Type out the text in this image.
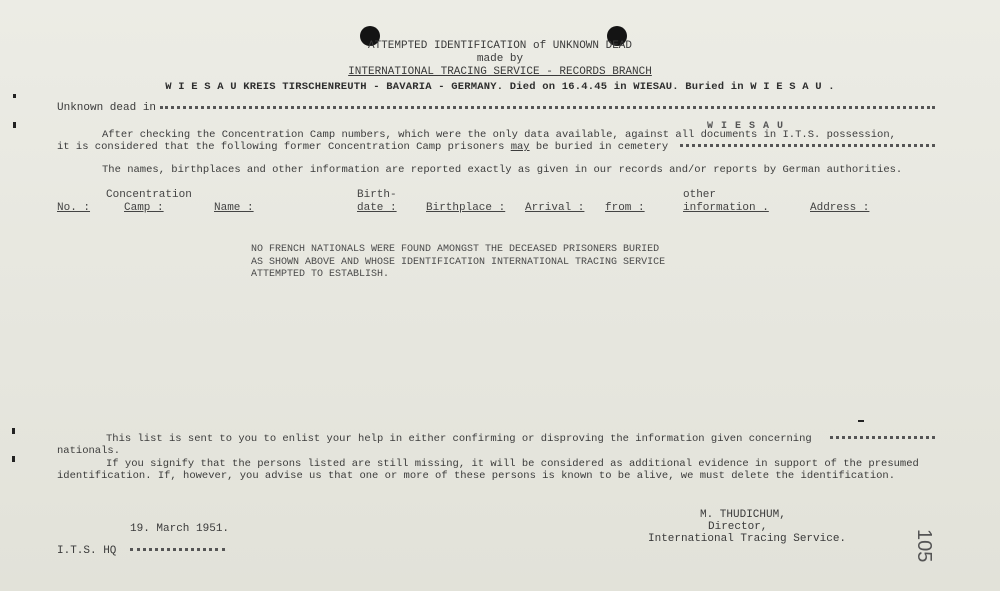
ATTEMPTED IDENTIFICATION of UNKNOWN DEAD
made by
INTERNATIONAL TRACING SERVICE - RECORDS BRANCH
W I E S A U KREIS TIRSCHENREUTH - BAVARIA - GERMANY. Died on 16.4.45 in WIESAU. Buried in W I E S A U .
Unknown dead in
After checking the Concentration Camp numbers, which were the only data available, against all documents in I.T.S. possession,
W I E S A U
it is considered that the following former Concentration Camp prisoners may be buried in cemetery
The names, birthplaces and other information are reported exactly as given in our records and/or reports by German authorities.
Concentration	Birth-	other
No. :	Camp :	Name :	date :	Birthplace : Arrival : from :	information .	Address :
NO FRENCH NATIONALS WERE FOUND AMONGST THE DECEASED PRISONERS BURIED
AS SHOWN ABOVE AND WHOSE IDENTIFICATION INTERNATIONAL TRACING SERVICE
ATTEMPTED TO ESTABLISH.
This list is sent to you to enlist your help in either confirming or disproving the information given concerning
nationals.
If you signify that the persons listed are still missing, it will be considered as additional evidence in support of the presumed
identification. If, however, you advise us that one or more of these persons is known to be alive, we must delete the identification.
19. March 1951.
I.T.S. HQ
M. THUDICHUM,
Director,
International Tracing Service.	105
